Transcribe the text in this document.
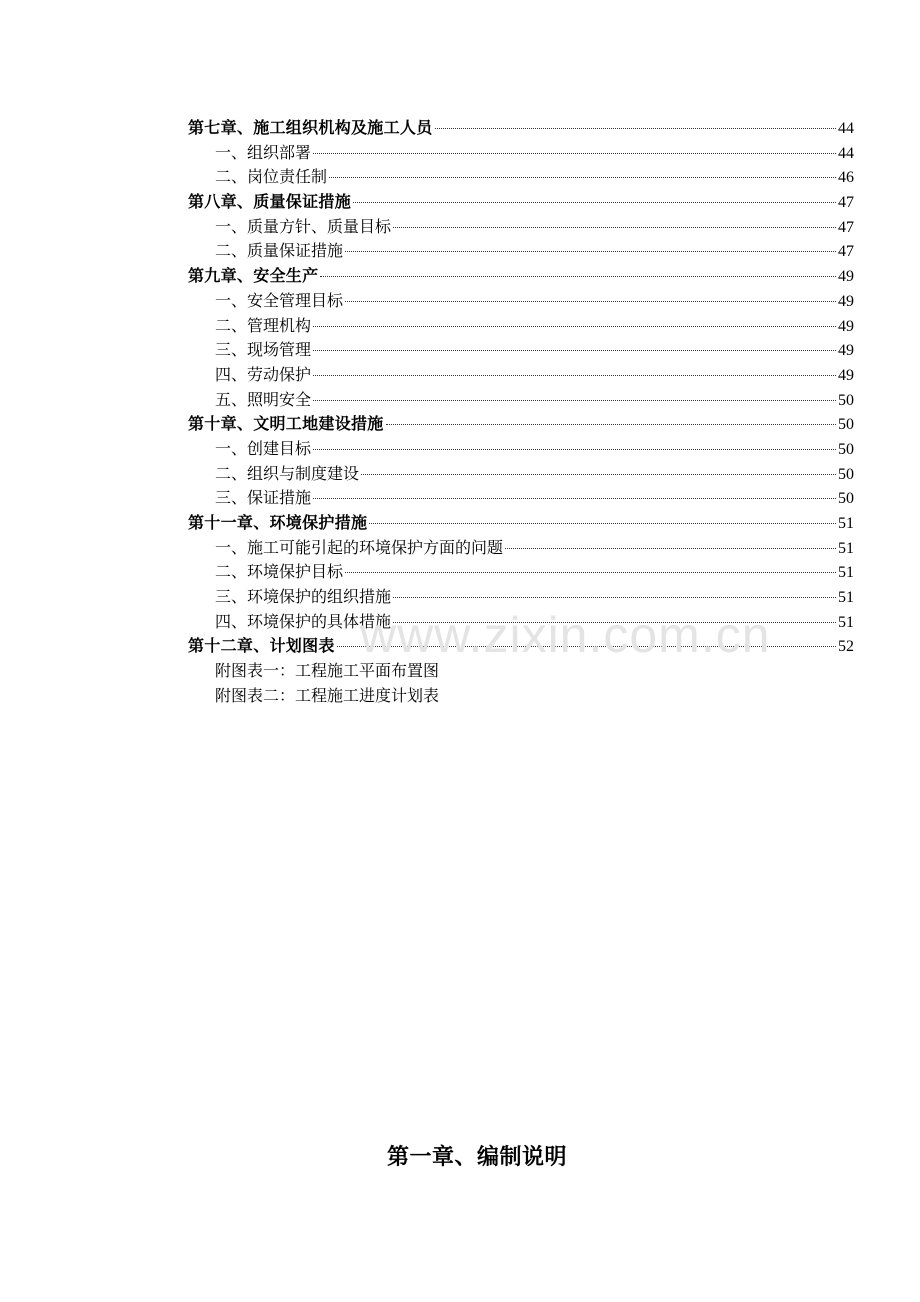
第七章、施工组织机构及施工人员	44
一、组织部署	44
二、岗位责任制	46
第八章、质量保证措施	47
一、质量方针、质量目标	47
二、质量保证措施	47
第九章、安全生产	49
一、安全管理目标	49
二、管理机构	49
三、现场管理	49
四、劳动保护	49
五、照明安全	50
第十章、文明工地建设措施	50
一、创建目标	50
二、组织与制度建设	50
三、保证措施	50
第十一章、环境保护措施	51
一、施工可能引起的环境保护方面的问题	51
二、环境保护目标	51
三、环境保护的组织措施	51
四、环境保护的具体措施	51
第十二章、计划图表	52
附图表一：工程施工平面布置图
附图表二：工程施工进度计划表
www.zixin.com.cn
第一章、编制说明
